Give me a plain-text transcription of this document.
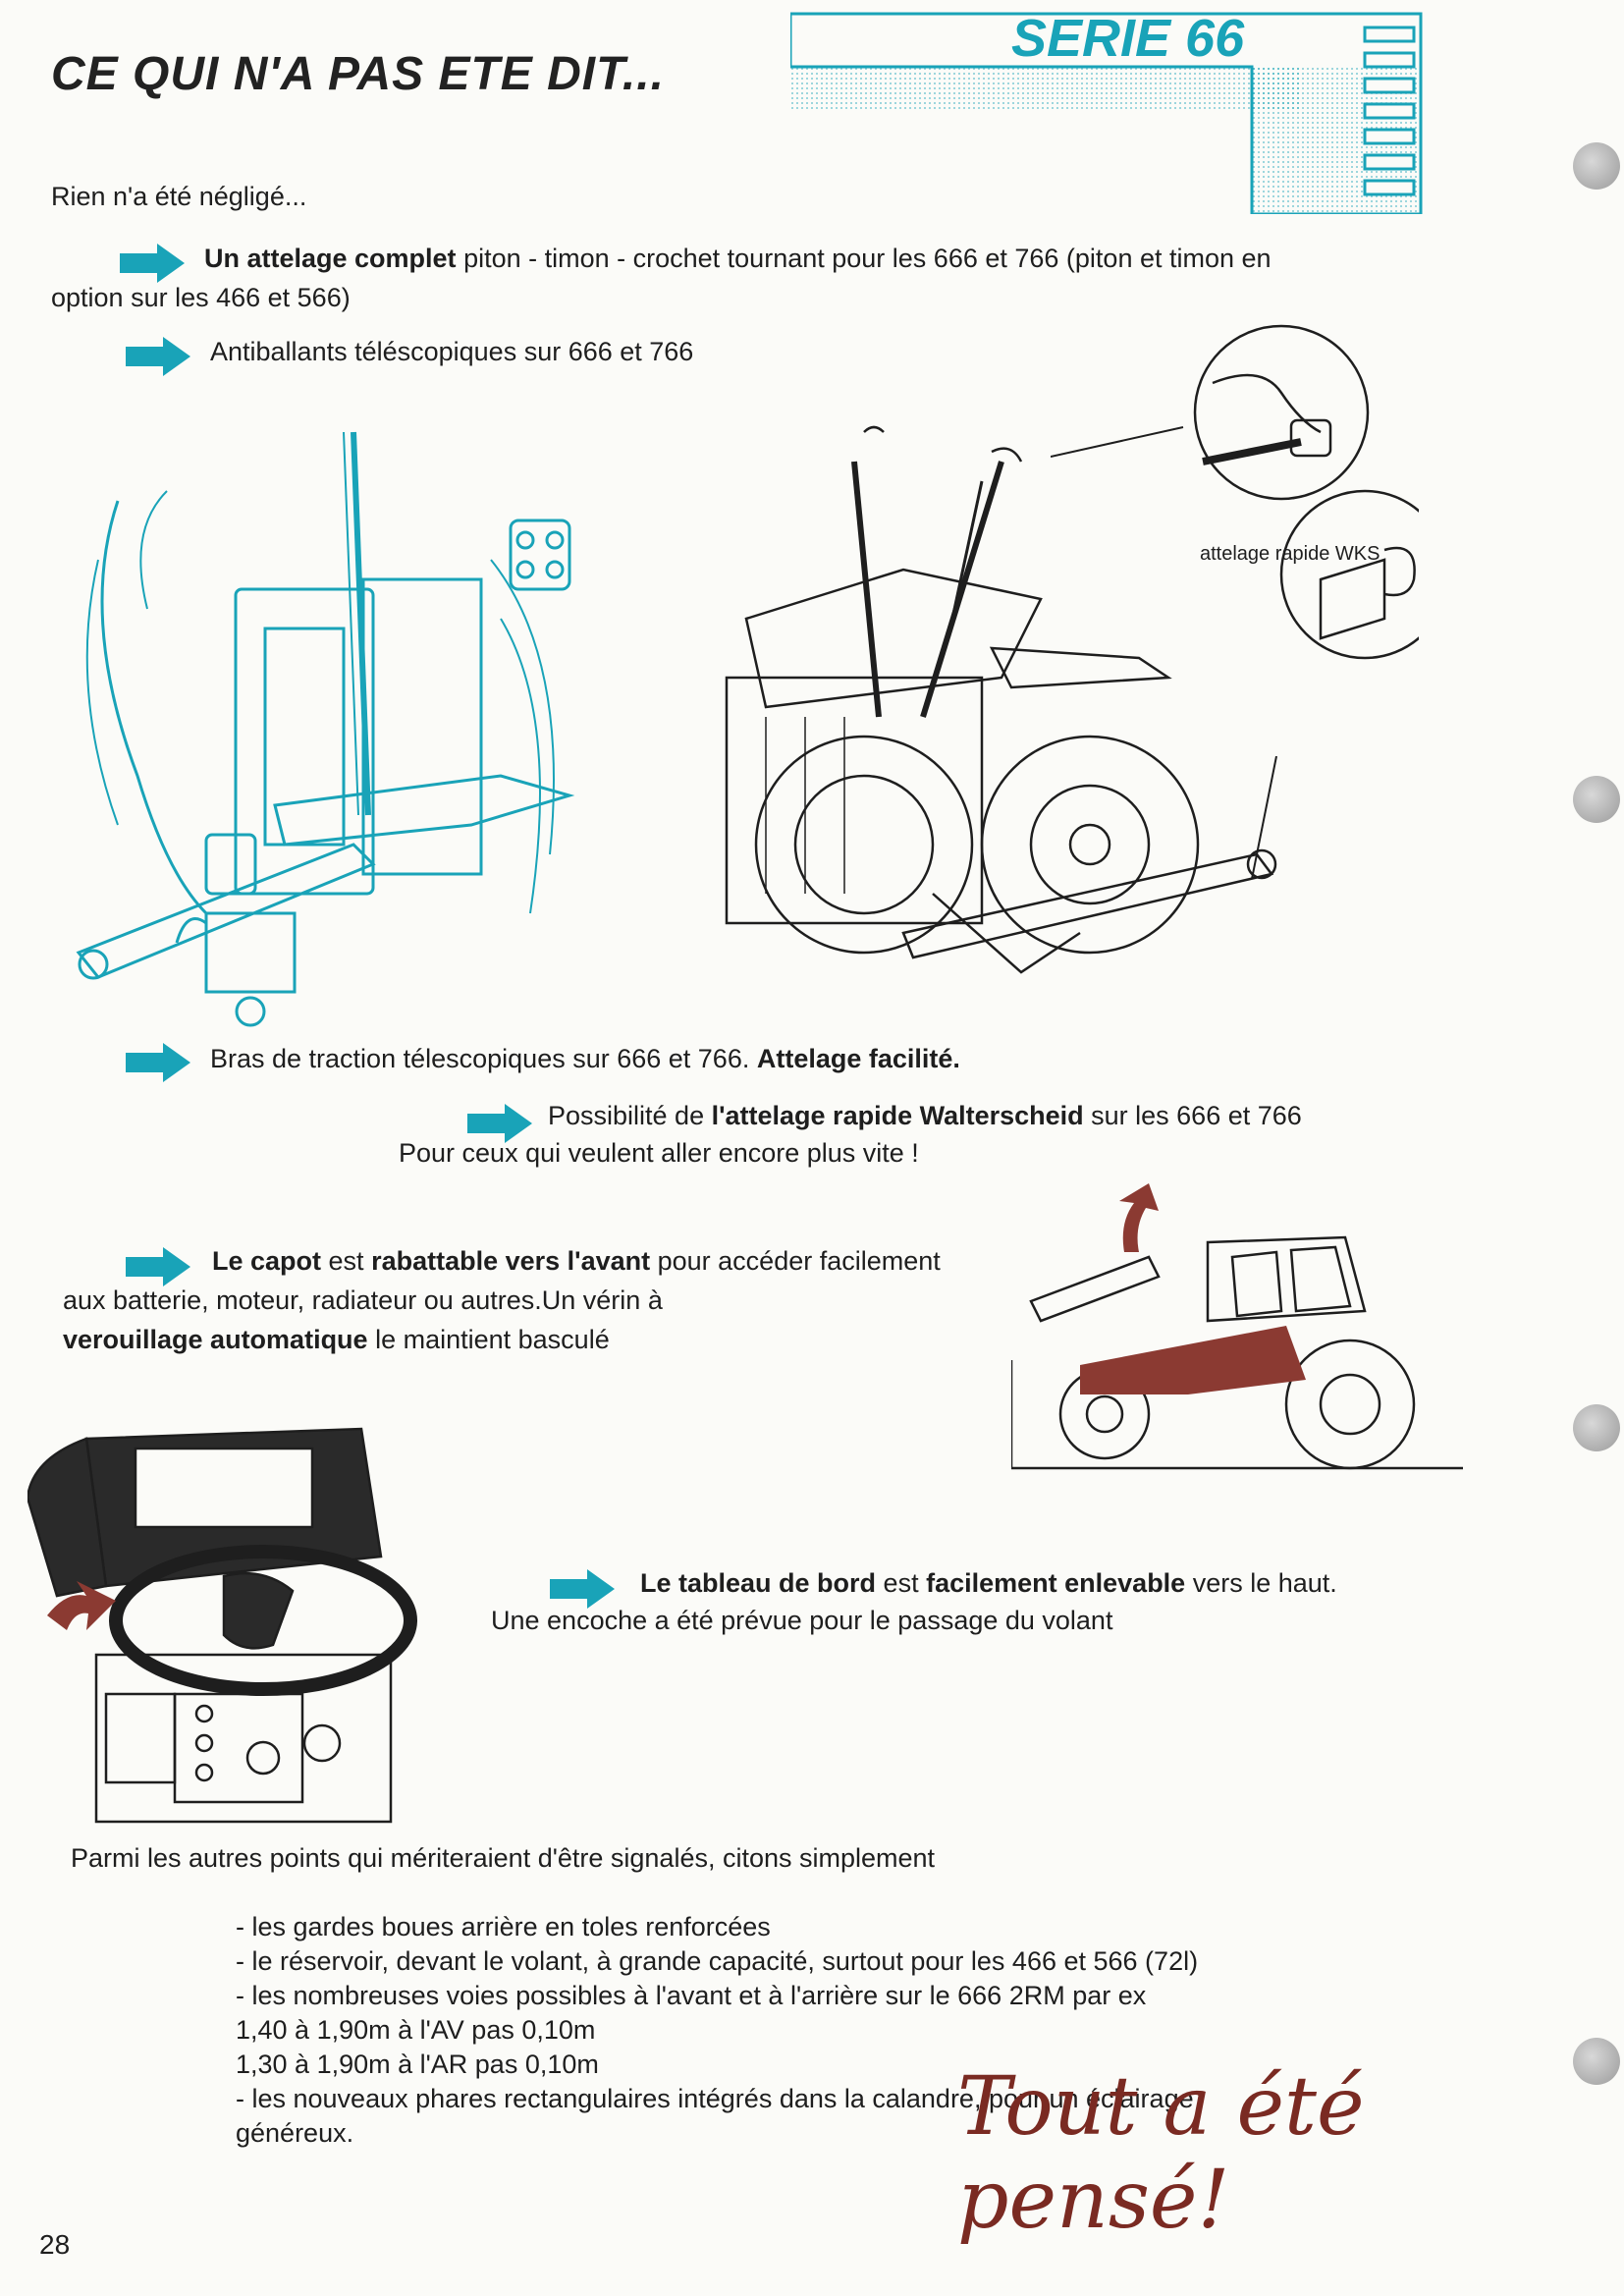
CE QUI N'A PAS ETE DIT...
SERIE 66
Rien n'a été négligé...
Un attelage complet piton - timon - crochet tournant pour les 666 et 766 (piton et timon en
option sur les 466 et 566)
Antiballants téléscopiques sur 666 et 766
attelage rapide WKS
Bras de traction télescopiques sur 666 et 766. Attelage facilité.
Possibilité de l'attelage rapide Walterscheid sur les 666 et 766
Pour ceux qui veulent aller encore plus vite !
Le capot est rabattable vers l'avant pour accéder facilement
aux batterie, moteur, radiateur ou autres.Un vérin à
verouillage automatique le maintient basculé
Le tableau de bord est facilement enlevable vers le haut.
Une encoche a été prévue pour le passage du volant
Parmi les autres points qui mériteraient d'être signalés, citons simplement
- les gardes boues arrière en toles renforcées
- le réservoir, devant le volant, à grande capacité, surtout pour les 466 et 566 (72l)
- les nombreuses voies possibles à l'avant et à l'arrière sur le 666 2RM par ex
1,40 à 1,90m à l'AV pas 0,10m
1,30 à 1,90m à l'AR pas 0,10m
- les nouveaux phares rectangulaires intégrés dans la calandre, pour un éclairage
généreux.	Tout a été pensé!
28
